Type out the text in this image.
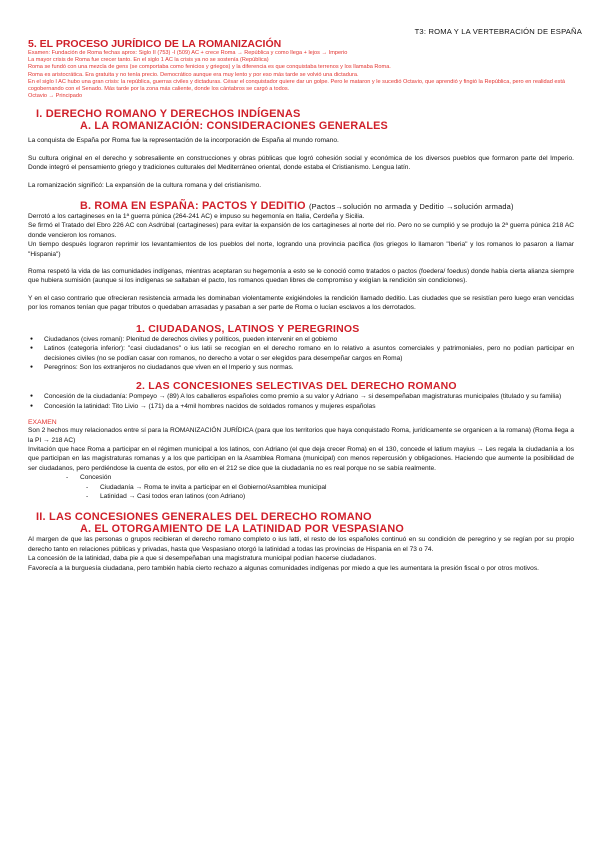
T3: ROMA Y LA VERTEBRACIÓN DE ESPAÑA
5. EL PROCESO JURÍDICO DE LA ROMANIZACIÓN

Examen: Fundación de Roma fechas aprox: Siglo II (753) -I (509) AC + crece Roma → República y como llega + lejos → Imperio

La mayor crisis de Roma fue crecer tanto. En el siglo 1 AC la crisis ya no se sostenía (República)

Roma se fundó con una mezcla de gens (se comportaba como fenicios y griegos) y la diferencia es que conquistaba terrenos y los llamaba Roma.

Roma es aristocrática. Era gratuita y no tenía precio. Democrático aunque era muy lento y por eso más tarde se volvió una dictadura.

En el siglo I AC hubo una gran crisis: la república, guerras civiles y dictaduras. César el conquistador quiere dar un golpe. Pero le mataron y le sucedió Octavio, que aprendió y fingió la República, pero en realidad está cogobernando con el Senado. Más tarde por la zona más caliente, donde los cántabros se cargó a todos.

Octavio → Principado

I. DERECHO ROMANO Y DERECHOS INDÍGENAS
A. LA ROMANIZACIÓN: CONSIDERACIONES GENERALES

La conquista de España por Roma fue la representación de la incorporación de España al mundo romano.

Su cultura original en el derecho y sobresaliente en construcciones y obras públicas que logró cohesión social y económica de los diversos pueblos que formaron parte del Imperio. Donde integró el pensamiento griego y tradiciones culturales del Mediterráneo oriental, donde estaba el Cristianismo. Lengua latín.

La romanización significó: La expansión de la cultura romana y del cristianismo.

B. ROMA EN ESPAÑA: PACTOS Y DEDITIO (Pactos→solución no armada y Deditio →solución armada)

Derrotó a los cartagineses en la 1ª guerra púnica (264-241 AC) e impuso su hegemonía en Italia, Cerdeña y Sicilia.

Se firmó el Tratado del Ebro 226 AC con Asdrúbal (cartagineses) para evitar la expansión de los cartagineses al norte del río. Pero no se cumplió y se produjo la 2ª guerra púnica 218 AC donde vencieron los romanos.

Un tiempo después lograron reprimir los levantamientos de los pueblos del norte, logrando una provincia pacífica (los griegos lo llamaron "Iberia" y los romanos lo pasaron a llamar "Hispania")

Roma respetó la vida de las comunidades indígenas, mientras aceptaran su hegemonía a esto se le conoció como tratados o pactos (foedera/ foedus) donde había cierta alianza siempre que hubiera sumisión (aunque si los indígenas se saltaban el pacto, los romanos quedan libres de compromiso y exigían la rendición sin condiciones).

Y en el caso contrario que ofrecieran resistencia armada les dominaban violentamente exigiéndoles la rendición llamado deditio. Las ciudades que se resistían pero luego eran vencidas por los romanos tenían que pagar tributos o quedaban arrasadas y pasaban a ser parte de Roma o lucían esclavos a los derrotados.

1. CIUDADANOS, LATINOS Y PEREGRINOS
● Ciudadanos (cives romani): Plenitud de derechos civiles y políticos, pueden intervenir en el gobierno
● Latinos (categoría inferior): "casi ciudadanos" o ius latii se recogían en el derecho romano en lo relativo a asuntos comerciales y patrimoniales, pero no podían participar en decisiones civiles (no se podían casar con romanos, no derecho a votar o ser elegidos para desempeñar cargos en Roma)
● Peregrinos: Son los extranjeros no ciudadanos que viven en el Imperio y sus normas.
2. LAS CONCESIONES SELECTIVAS DEL DERECHO ROMANO
● Concesión de la ciudadanía: Pompeyo → (89) A los caballeros españoles como premio a su valor y Adriano → si desempeñaban magistraturas municipales (titulado y su familia)
● Concesión la latinidad: Tito Livio → (171) da a +4mil hombres nacidos de soldados romanos y mujeres españolas

EXAMEN

Son 2 hechos muy relacionados entre sí para la ROMANIZACIÓN JURÍDICA (para que los territorios que haya conquistado Roma, jurídicamente se organicen a la romana) (Roma llega a la PI → 218 AC)

Invitación que hace Roma a participar en el régimen municipal a los latinos, con Adriano (el que deja crecer Roma) en el 130, concede el latium mayius → Les regala la ciudadanía a los que participan en las magistraturas romanas y a los que participan en la Asamblea Romana (municipal) con menos repercusión y obligaciones. Haciendo que aumente la posibilidad de ser ciudadanos, pero perdiéndose la cuenta de estos, por ello en el 212 se dice que la ciudadanía no es real porque no se sabía realmente.

- Concesión
- Ciudadanía → Roma te invita a participar en el Gobierno/Asamblea municipal
- Latinidad → Casi todos eran latinos (con Adriano)
II. LAS CONCESIONES GENERALES DEL DERECHO ROMANO
A. EL OTORGAMIENTO DE LA LATINIDAD POR VESPASIANO

Al margen de que las personas o grupos recibieran el derecho romano completo o ius latti, el resto de los españoles continuó en su condición de peregrino y se regían por su propio derecho tanto en relaciones públicas y privadas, hasta que Vespasiano otorgó la latinidad a todas las provincias de Hispania en el 73 o 74.

La concesión de la latinidad, daba pie a que si desempeñaban una magistratura municipal podían hacerse ciudadanos.

Favorecía a la burguesía ciudadana, pero también había cierto rechazo a algunas comunidades indígenas por miedo a que les aumentara la presión fiscal o por otros motivos.
